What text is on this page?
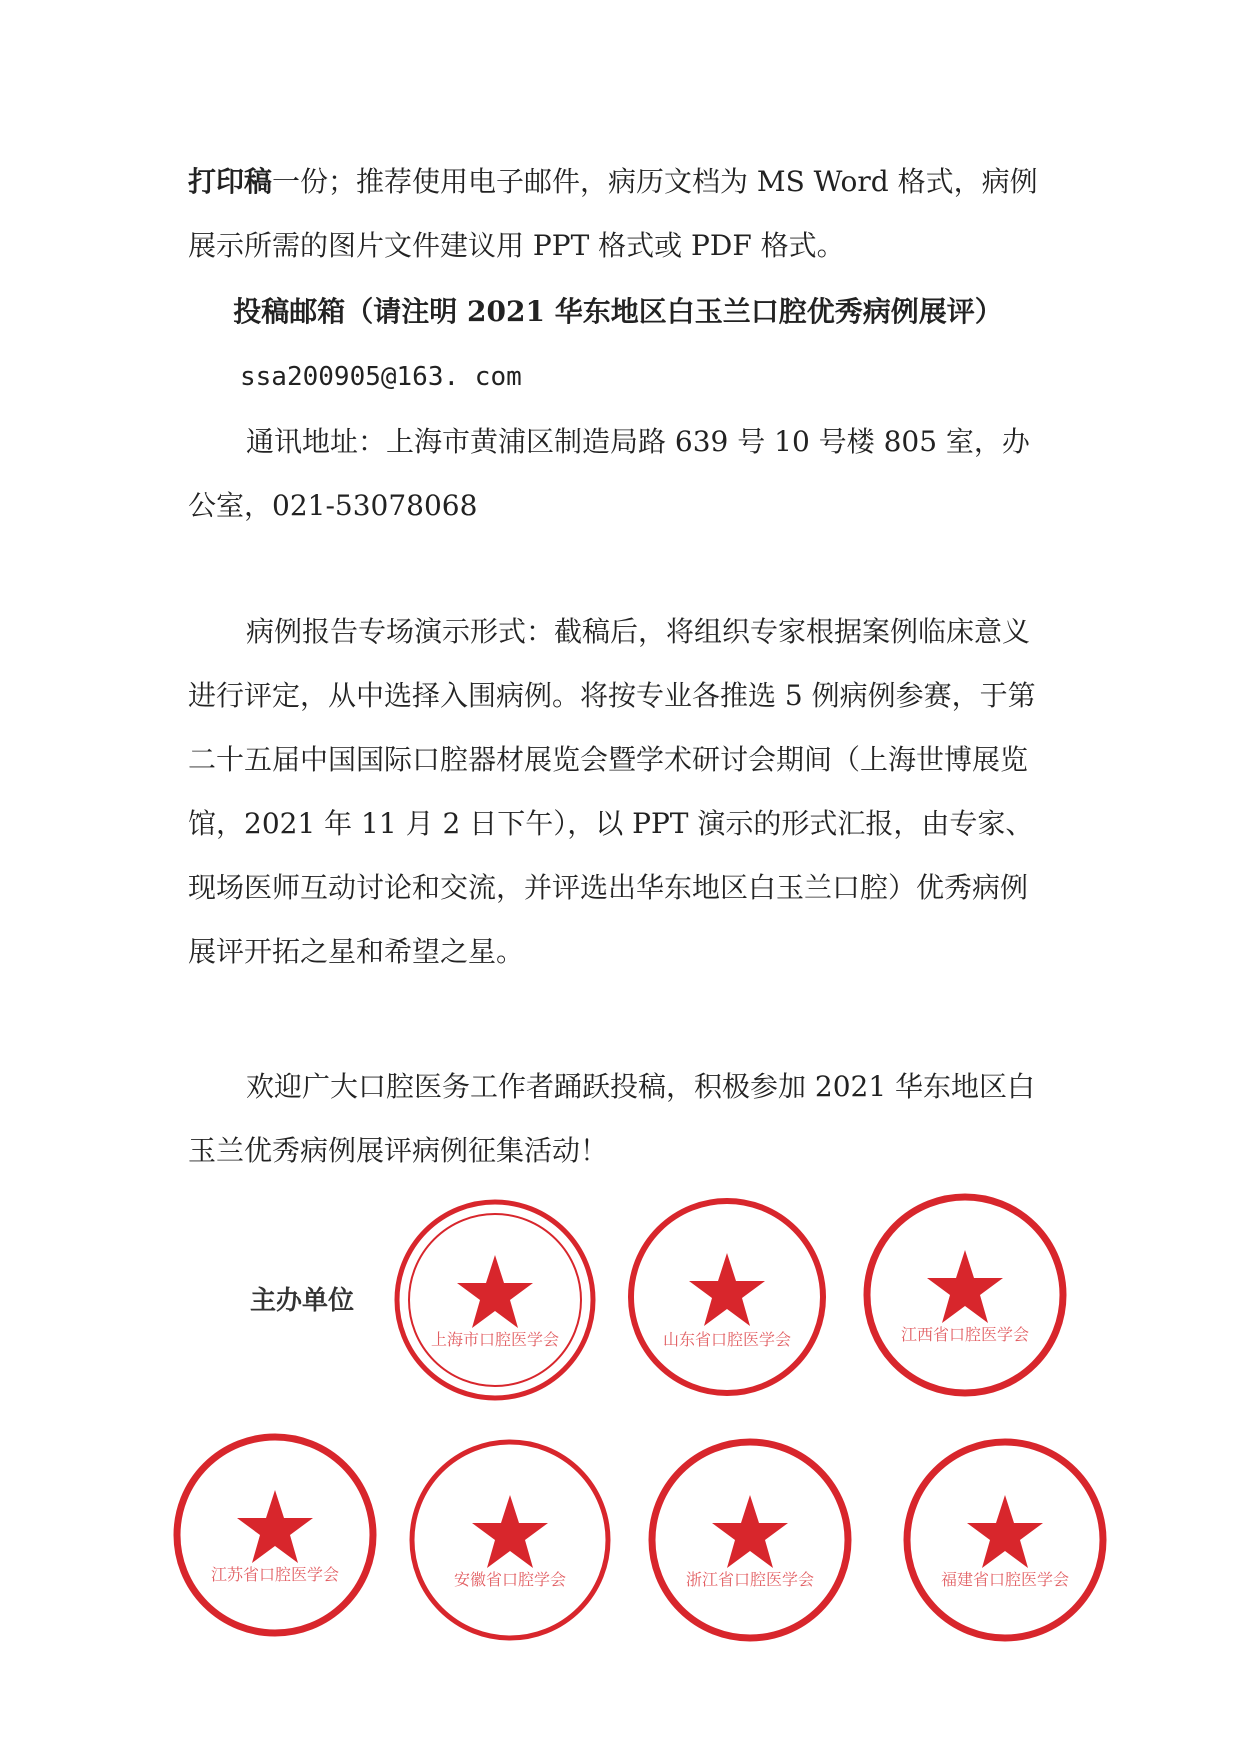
打印稿一份；推荐使用电子邮件，病历文档为 MS Word 格式，病例展示所需的图片文件建议用 PPT 格式或 PDF 格式。

投稿邮箱（请注明 2021 华东地区白玉兰口腔优秀病例展评）

ssa200905@163. com

通讯地址：上海市黄浦区制造局路 639 号 10 号楼 805 室，办公室，021-53078068

病例报告专场演示形式：截稿后，将组织专家根据案例临床意义进行评定，从中选择入围病例。将按专业各推选 5 例病例参赛，于第二十五届中国国际口腔器材展览会暨学术研讨会期间（上海世博展览馆，2021 年 11 月 2 日下午），以 PPT 演示的形式汇报，由专家、现场医师互动讨论和交流，并评选出华东地区白玉兰口腔）优秀病例展评开拓之星和希望之星。

欢迎广大口腔医务工作者踊跃投稿，积极参加 2021 华东地区白玉兰优秀病例展评病例征集活动！

主办单位
上海市口腔医学会	山东省口腔医学会	江西省口腔医学会
江苏省口腔医学会	安徽省口腔学会	浙江省口腔医学会	福建省口腔医学会
